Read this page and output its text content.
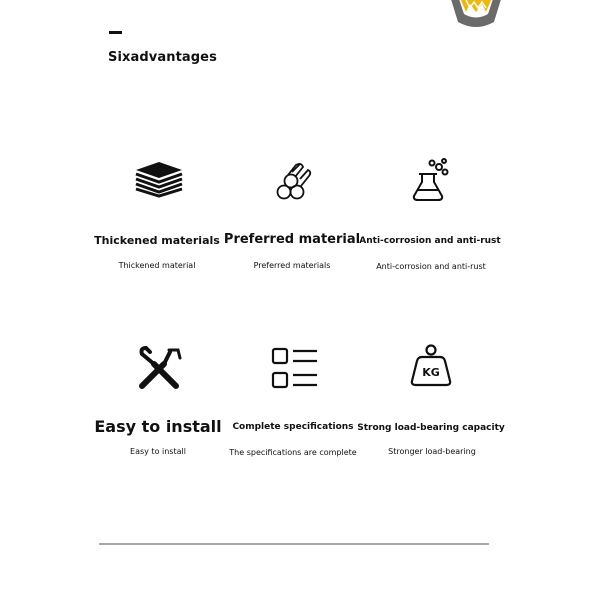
Sixadvantages
Thickened materials
Thickened material
Preferred material
Preferred materials
Anti-corrosion and anti-rust
Anti-corrosion and anti-rust
Easy to install
Easy to install
Complete specifications
The specifications are complete
KG
Strong load-bearing capacity
Stronger load-bearing
